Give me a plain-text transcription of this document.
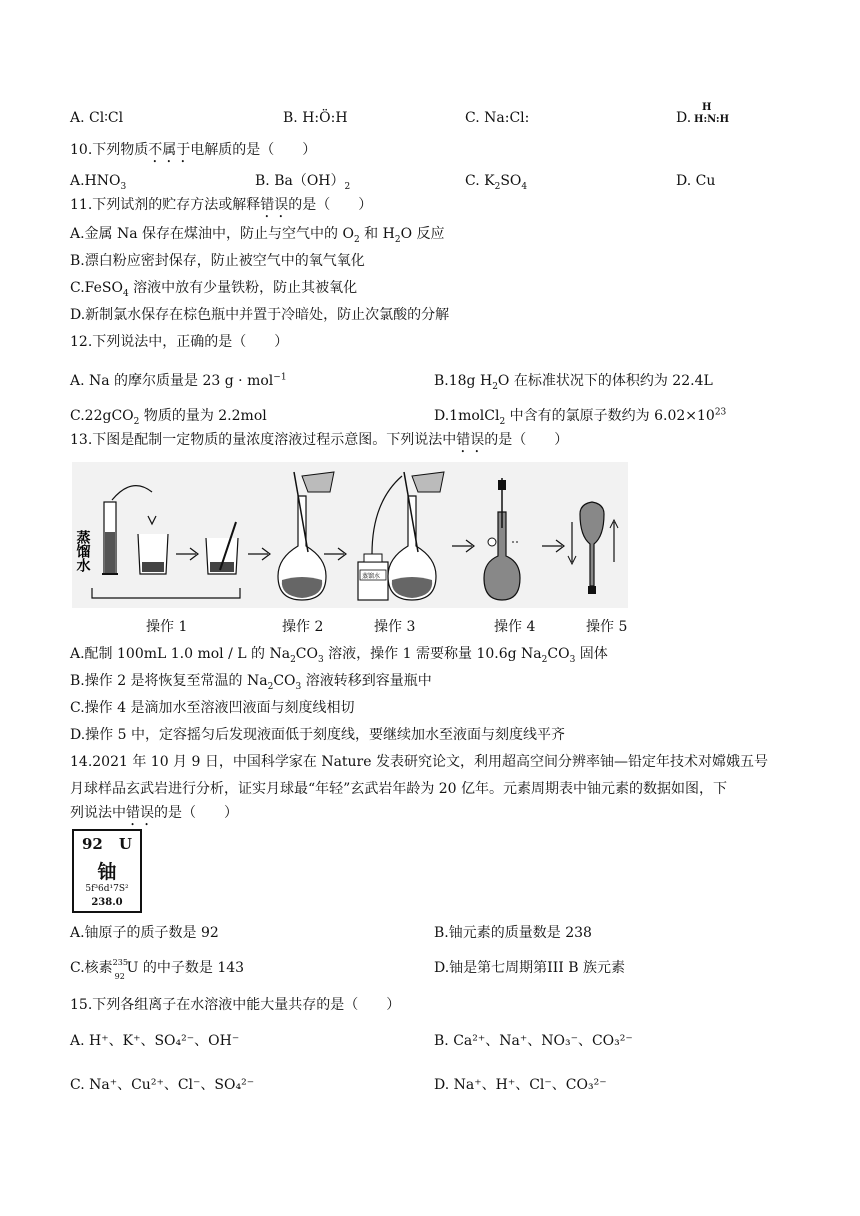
A. Cl∶Cl	B. H:Ö:H	C. Na:Cl:	D.
H
H:N:H
10.下列物质不属于电解质的是（　　）
$A.HNO_3$	B. $Ba(OH)_2$	C. $K_2SO_4$	D. Cu
11.下列试剂的贮存方法或解释错误的是（　　）
A.金属 Na 保存在煤油中，防止与空气中的 $O_2$ 和 $H_2O$ 反应
B.漂白粉应密封保存，防止被空气中的氧气氧化
C.FeSO$_4$ 溶液中放有少量铁粉，防止其被氧化
D.新制氯水保存在棕色瓶中并置于冷暗处，防止次氯酸的分解
12.下列说法中，正确的是（　　）
A. Na 的摩尔质量是 23 g · mol$^{-1}$	B.18g $H_2O$ 在标准状况下的体积约为 22.4L
C.22gCO$_2$ 物质的量为 2.2mol	D.1molCl$_2$ 中含有的氯原子数约为 $6.02\times 10^{23}$
13.下图是配制一定物质的量浓度溶液过程示意图。下列说法中错误的是（　　）
蒸馏水
蒸馏水
操作 1	操作 2	操作 3	操作 4	操作 5
A.配制 100mL 1.0 mol / L 的 $Na_2CO_3$ 溶液，操作 1 需要称量 10.6g $Na_2CO_3$ 固体
B.操作 2 是将恢复至常温的 $Na_2CO_3$ 溶液转移到容量瓶中
C.操作 4 是滴加水至溶液凹液面与刻度线相切
D.操作 5 中，定容摇匀后发现液面低于刻度线，要继续加水至液面与刻度线平齐
14.2021 年 10 月 9 日，中国科学家在 Nature 发表研究论文，利用超高空间分辨率铀—铅定年技术对嫦娥五号
月球样品玄武岩进行分析，证实月球最“年轻”玄武岩年龄为 20 亿年。元素周期表中铀元素的数据如图，下
列说法中错误的是（　　）
92 U
铀
5f³6d¹7S²
238.0
A.铀原子的质子数是 92	B.铀元素的质量数是 238
C.核素 235
92
U 的中子数是 143	D.铀是第七周期第III B 族元素
15.下列各组离子在水溶液中能大量共存的是（　　）
A. H⁺、K⁺、SO₄²⁻、OH⁻	B. Ca²⁺、Na⁺、NO₃⁻、CO₃²⁻
C. Na⁺、Cu²⁺、Cl⁻、SO₄²⁻	D. Na⁺、H⁺、Cl⁻、CO₃²⁻
